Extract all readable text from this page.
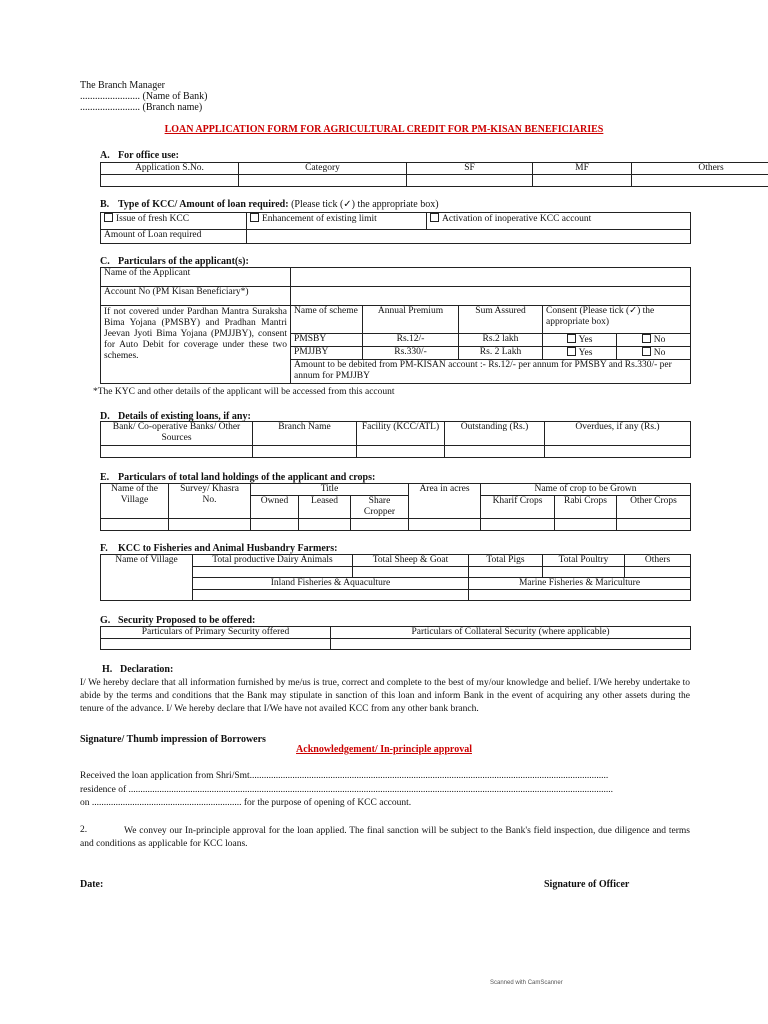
The Branch Manager
........................ (Name of Bank)
........................ (Branch name)
LOAN APPLICATION FORM FOR AGRICULTURAL CREDIT FOR PM-KISAN BENEFICIARIES
A. For office use:
Application S.No.	Category	SF	MF	Others

B. Type of KCC/ Amount of loan required: (Please tick (✓) the appropriate box)
Issue of fresh KCC	Enhancement of existing limit	Activation of inoperative KCC account
Amount of Loan required		
C. Particulars of the applicant(s):
Name of the Applicant					
Account No (PM Kisan Beneficiary*)					
If not covered under Pardhan Mantra Suraksha Bima Yojana (PMSBY) and Pradhan Mantri Jeevan Jyoti Bima Yojana (PMJJBY), consent for Auto Debit for coverage under these two schemes.	Name of scheme	Annual Premium	Sum Assured	Consent (Please tick (✓) the appropriate box)	
	PMSBY	Rs.12/-	Rs.2 lakh	Yes	No
	PMJJBY	Rs.330/-	Rs. 2 Lakh	Yes	No
	Amount to be debited from PM-KISAN account :- Rs.12/- per annum for PMSBY and Rs.330/- per annum for PMJJBY				
*The KYC and other details of the applicant will be accessed from this account
D. Details of existing loans, if any:
Bank/ Co-operative Banks/ Other Sources	Branch Name	Facility (KCC/ATL)	Outstanding (Rs.)	Overdues, if any (Rs.)

E. Particulars of total land holdings of the applicant and crops:
Name of the Village	Survey/ Khasra No.	Title			Area in acres	Name of crop to be Grown		
		Owned	Leased	Share Cropper		Kharif Crops	Rabi Crops	Other Crops

F. KCC to Fisheries and Animal Husbandry Farmers:
Name of Village	Total productive Dairy Animals	Total Sheep & Goat	Total Pigs	Total Poultry	Others

	Inland Fisheries & Aquaculture		Marine Fisheries & Mariculture		

G. Security Proposed to be offered:
Particulars of Primary Security offered	Particulars of Collateral Security (where applicable)

H. Declaration:
I/ We hereby declare that all information furnished by me/us is true, correct and complete to the best of my/our knowledge and belief. I/We hereby undertake to abide by the terms and conditions that the Bank may stipulate in sanction of this loan and inform Bank in the event of acquiring any other assets during the tenure of the advance. I/ We hereby declare that I/We have not availed KCC from any other bank branch.
Signature/ Thumb impression of Borrowers
Acknowledgement/ In-principle approval
Received the loan application from Shri/Smt.......................................................................................................................................................
residence of ............................................................................................................................................................................................................
on ............................................................... for the purpose of opening of KCC account.
2.	We convey our In-principle approval for the loan applied. The final sanction will be subject to the Bank's field inspection, due diligence and terms and conditions as applicable for KCC loans.
Date:	Signature of Officer
Scanned with CamScanner
